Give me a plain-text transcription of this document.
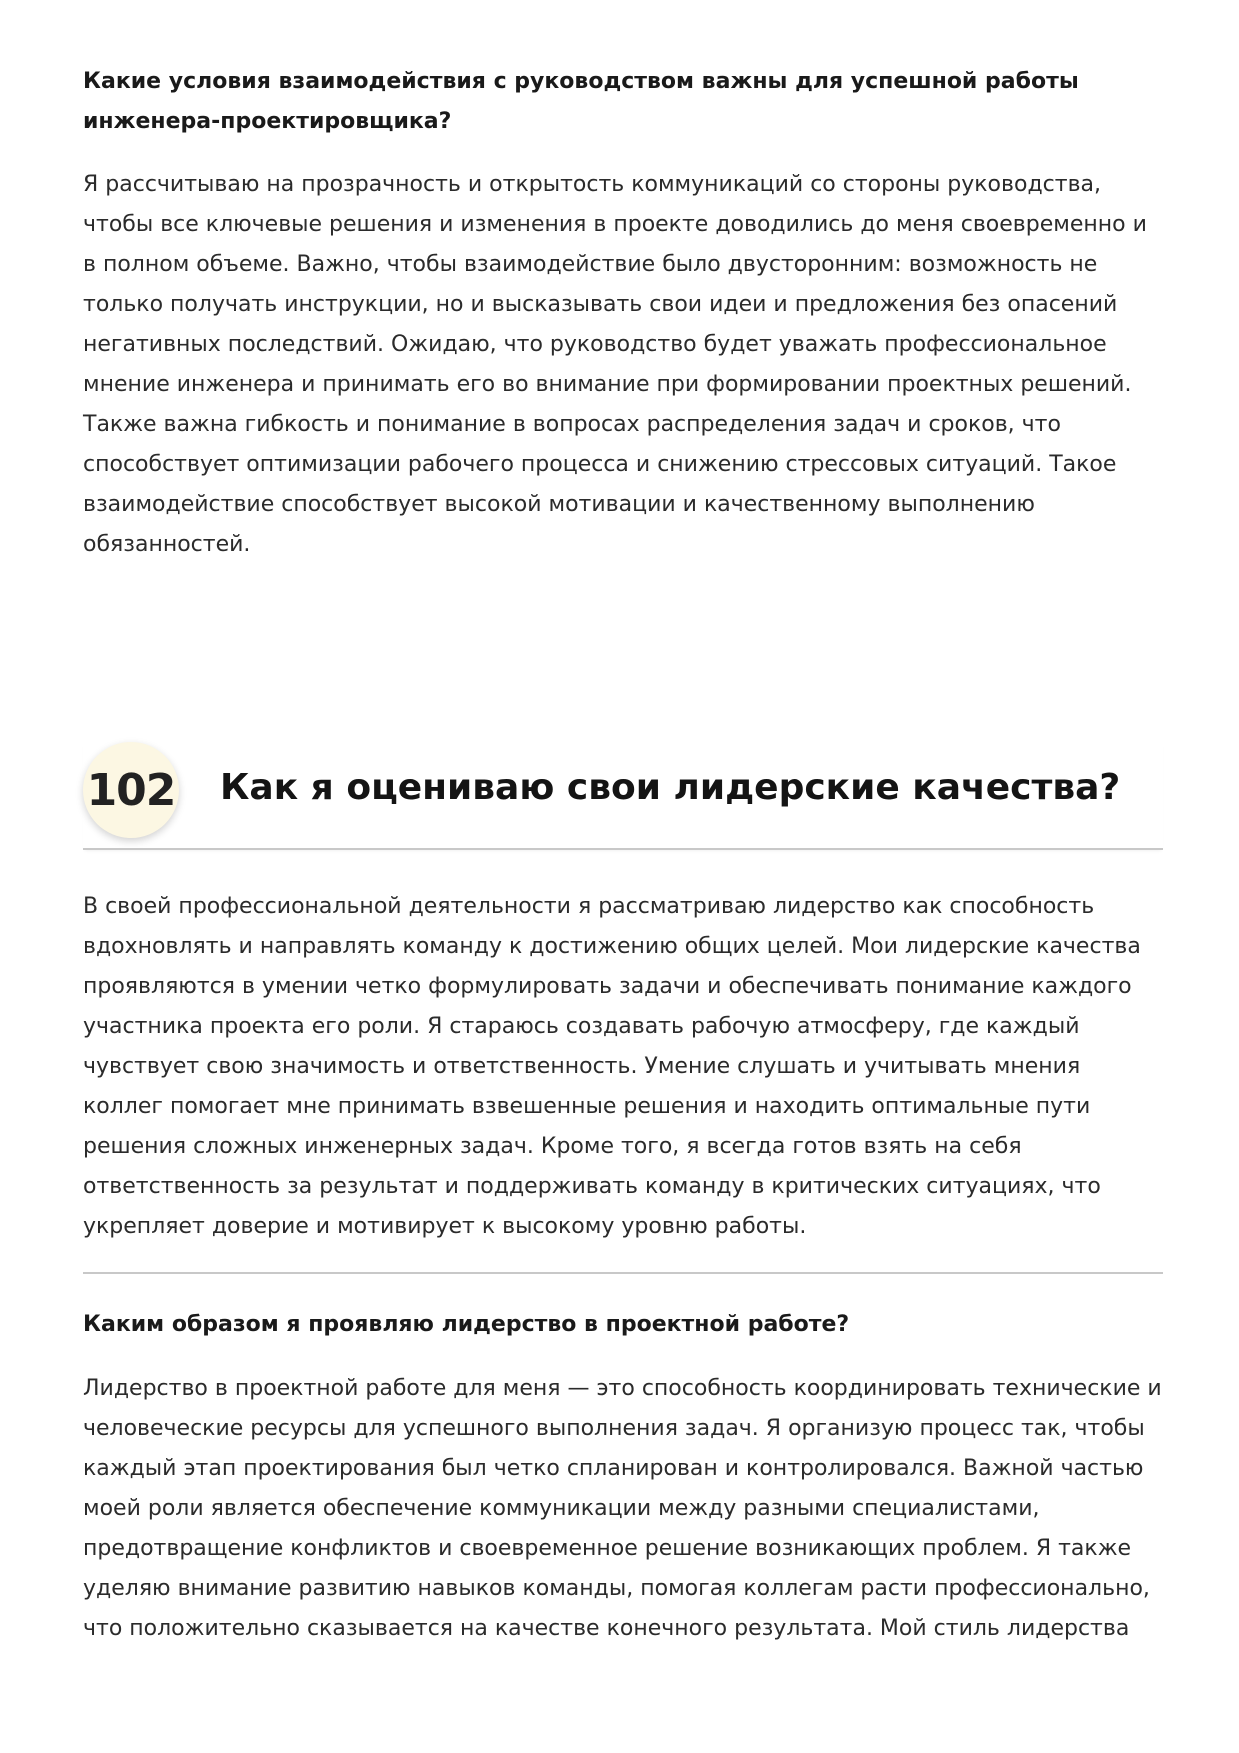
Какие условия взаимодействия с руководством важны для успешной работы инженера-проектировщика?

Я рассчитываю на прозрачность и открытость коммуникаций со стороны руководства, чтобы все ключевые решения и изменения в проекте доводились до меня своевременно и в полном объеме. Важно, чтобы взаимодействие было двусторонним: возможность не только получать инструкции, но и высказывать свои идеи и предложения без опасений негативных последствий. Ожидаю, что руководство будет уважать профессиональное мнение инженера и принимать его во внимание при формировании проектных решений. Также важна гибкость и понимание в вопросах распределения задач и сроков, что способствует оптимизации рабочего процесса и снижению стрессовых ситуаций. Такое взаимодействие способствует высокой мотивации и качественному выполнению обязанностей.

102 Как я оцениваю свои лидерские качества?

В своей профессиональной деятельности я рассматриваю лидерство как способность вдохновлять и направлять команду к достижению общих целей. Мои лидерские качества проявляются в умении четко формулировать задачи и обеспечивать понимание каждого участника проекта его роли. Я стараюсь создавать рабочую атмосферу, где каждый чувствует свою значимость и ответственность. Умение слушать и учитывать мнения коллег помогает мне принимать взвешенные решения и находить оптимальные пути решения сложных инженерных задач. Кроме того, я всегда готов взять на себя ответственность за результат и поддерживать команду в критических ситуациях, что укрепляет доверие и мотивирует к высокому уровню работы.

Каким образом я проявляю лидерство в проектной работе?

Лидерство в проектной работе для меня — это способность координировать технические и человеческие ресурсы для успешного выполнения задач. Я организую процесс так, чтобы каждый этап проектирования был четко спланирован и контролировался. Важной частью моей роли является обеспечение коммуникации между разными специалистами, предотвращение конфликтов и своевременное решение возникающих проблем. Я также уделяю внимание развитию навыков команды, помогая коллегам расти профессионально, что положительно сказывается на качестве конечного результата. Мой стиль лидерства
